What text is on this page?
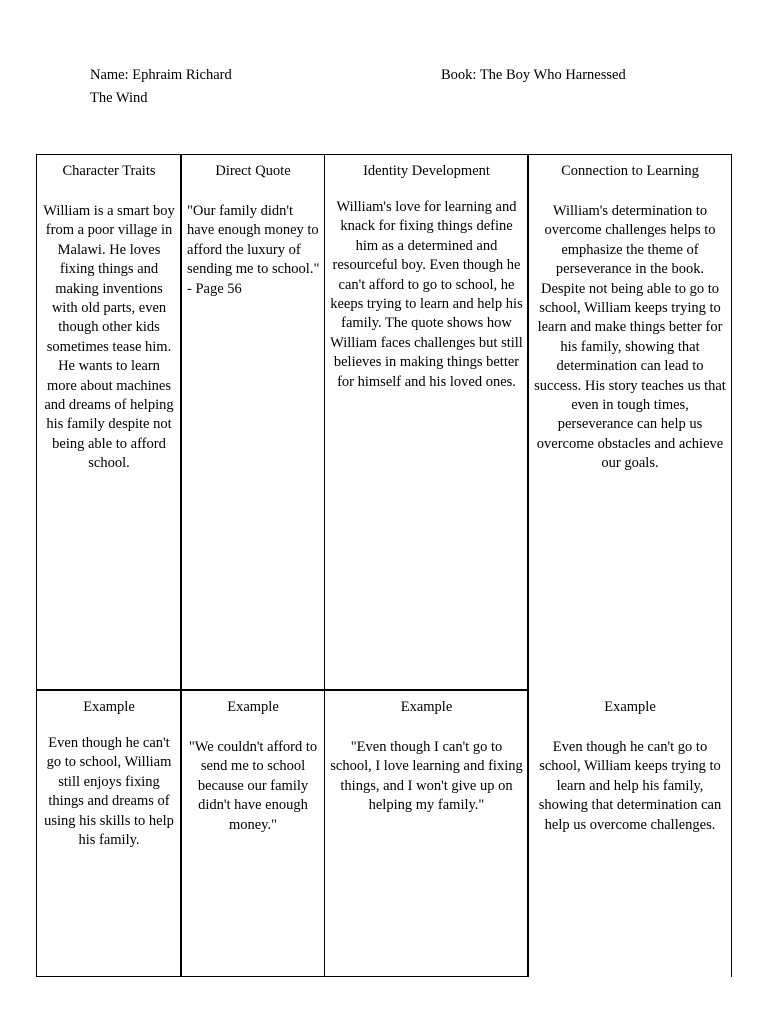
Name: Ephraim Richard	Book: The Boy Who Harnessed
The Wind
Character Traits
William is a smart boy from a poor village in Malawi. He loves fixing things and making inventions with old parts, even though other kids sometimes tease him. He wants to learn more about machines and dreams of helping his family despite not being able to afford school.
Direct Quote
"Our family didn't have enough money to afford the luxury of sending me to school." - Page 56
Identity Development
William's love for learning and knack for fixing things define him as a determined and resourceful boy. Even though he can't afford to go to school, he keeps trying to learn and help his family. The quote shows how William faces challenges but still believes in making things better for himself and his loved ones.
Connection to Learning
William's determination to overcome challenges helps to emphasize the theme of perseverance in the book. Despite not being able to go to school, William keeps trying to learn and make things better for his family, showing that determination can lead to success. His story teaches us that even in tough times, perseverance can help us overcome obstacles and achieve our goals.
Example
Even though he can't go to school, William still enjoys fixing things and dreams of using his skills to help his family.
Example
"We couldn't afford to send me to school because our family didn't have enough money."
Example
"Even though I can't go to school, I love learning and fixing things, and I won't give up on helping my family."
Example
Even though he can't go to school, William keeps trying to learn and help his family, showing that determination can help us overcome challenges.
